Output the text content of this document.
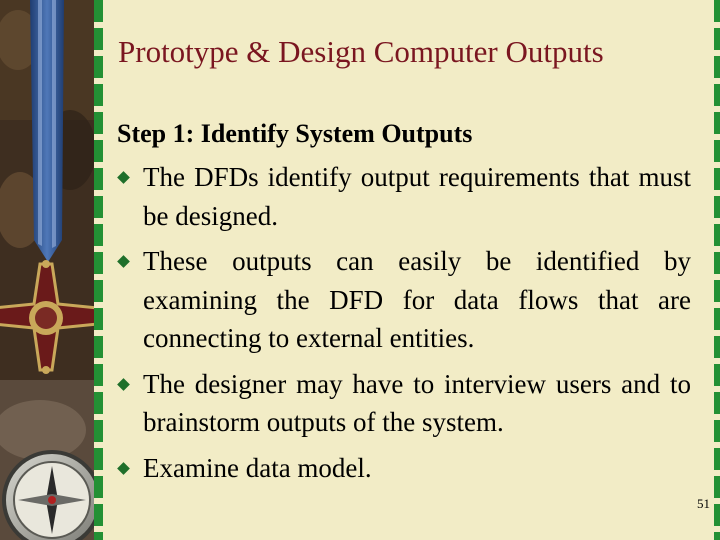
Prototype & Design Computer Outputs

Step 1: Identify System Outputs

The DFDs identify output requirements that must be designed.
These outputs can easily be identified by examining the DFD for data flows that are connecting to external entities.
The designer may have to interview users and to brainstorm outputs of the system.
Examine data model.
51
